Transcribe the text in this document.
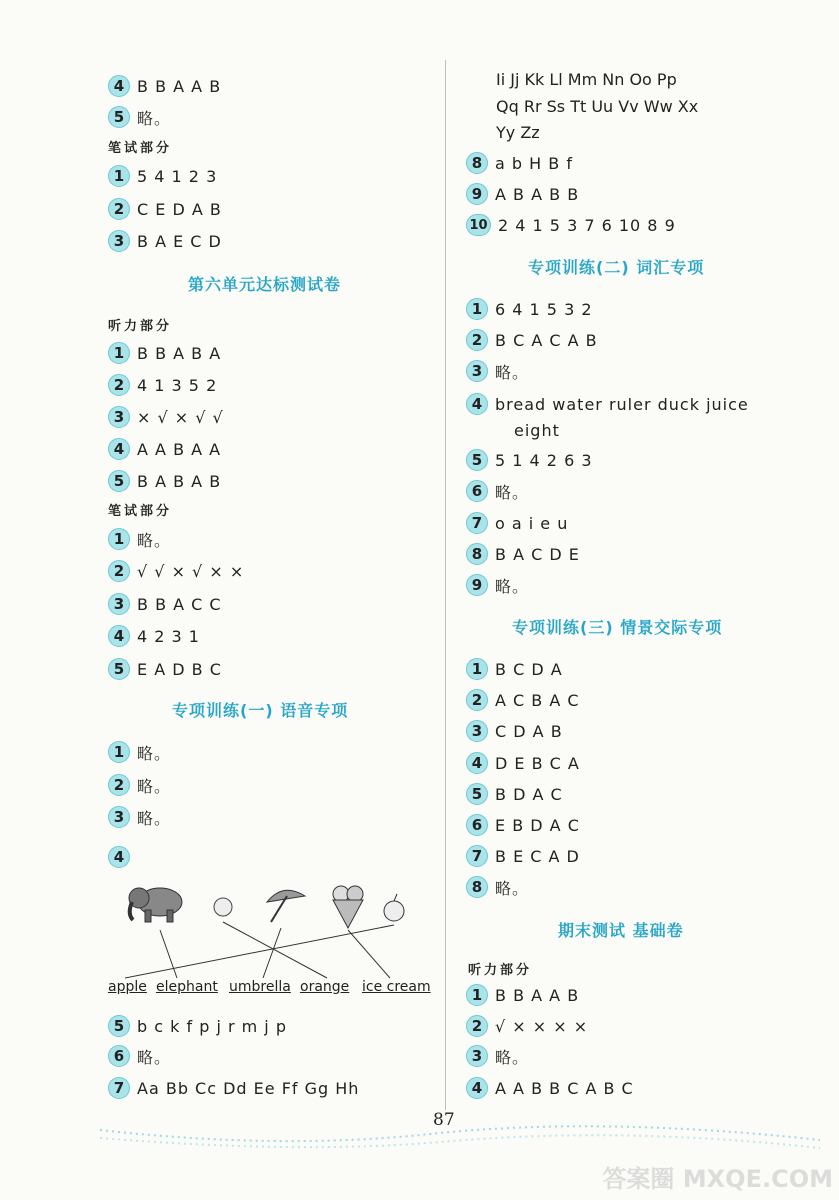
4 B B A A B
5 略。
笔试部分
1 5 4 1 2 3
2 C E D A B
3 B A E C D
第六单元达标测试卷
听力部分
1 B B A B A
2 4 1 3 5 2
3 × √ × √ √
4 A A B A A
5 B A B A B
笔试部分
1 略。
2 √ √ × √ × ×
3 B B A C C
4 4 2 3 1
5 E A D B C
专项训练(一) 语音专项
1 略。
2 略。
3 略。
4
apple elephant umbrella orange ice cream
5 b c k f p j r m j p
6 略。
7 Aa Bb Cc Dd Ee Ff Gg Hh
Ii Jj Kk Ll Mm Nn Oo Pp
Qq Rr Ss Tt Uu Vv Ww Xx
Yy Zz
8 a b H B f
9 A B A B B
10 2 4 1 5 3 7 6 10 8 9
专项训练(二) 词汇专项
1 6 4 1 5 3 2
2 B C A C A B
3 略。
4 bread water ruler duck juice
eight
5 5 1 4 2 6 3
6 略。
7 o a i e u
8 B A C D E
9 略。
专项训练(三) 情景交际专项
1 B C D A
2 A C B A C
3 C D A B
4 D E B C A
5 B D A C
6 E B D A C
7 B E C A D
8 略。
期末测试 基础卷
听力部分
1 B B A A B
2 √ × × × ×
3 略。
4 A A B B C A B C
87
答案圈 MXQE.COM
